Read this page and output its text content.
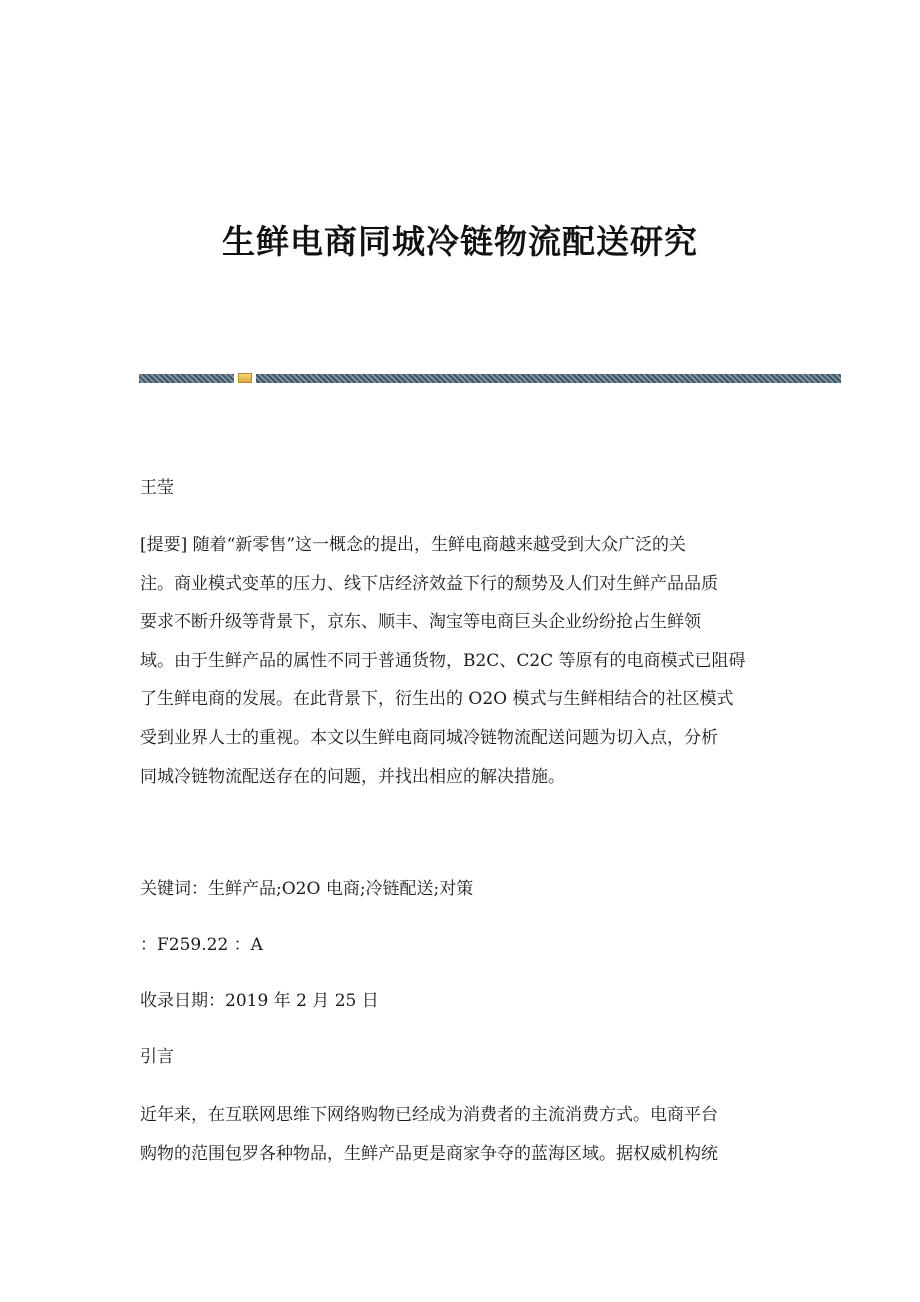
生鲜电商同城冷链物流配送研究
王莹

[提要] 随着“新零售”这一概念的提出，生鲜电商越来越受到大众广泛的关

注。商业模式变革的压力、线下店经济效益下行的颓势及人们对生鲜产品品质

要求不断升级等背景下，京东、顺丰、淘宝等电商巨头企业纷纷抢占生鲜领

域。由于生鲜产品的属性不同于普通货物，B2C、C2C 等原有的电商模式已阻碍

了生鲜电商的发展。在此背景下，衍生出的 O2O 模式与生鲜相结合的社区模式

受到业界人士的重视。本文以生鲜电商同城冷链物流配送问题为切入点，分析

同城冷链物流配送存在的问题，并找出相应的解决措施。

关键词：生鲜产品;O2O 电商;冷链配送;对策
：F259.22 ：A
收录日期：2019 年 2 月 25 日
引言

近年来，在互联网思维下网络购物已经成为消费者的主流消费方式。电商平台

购物的范围包罗各种物品，生鲜产品更是商家争夺的蓝海区域。据权威机构统
